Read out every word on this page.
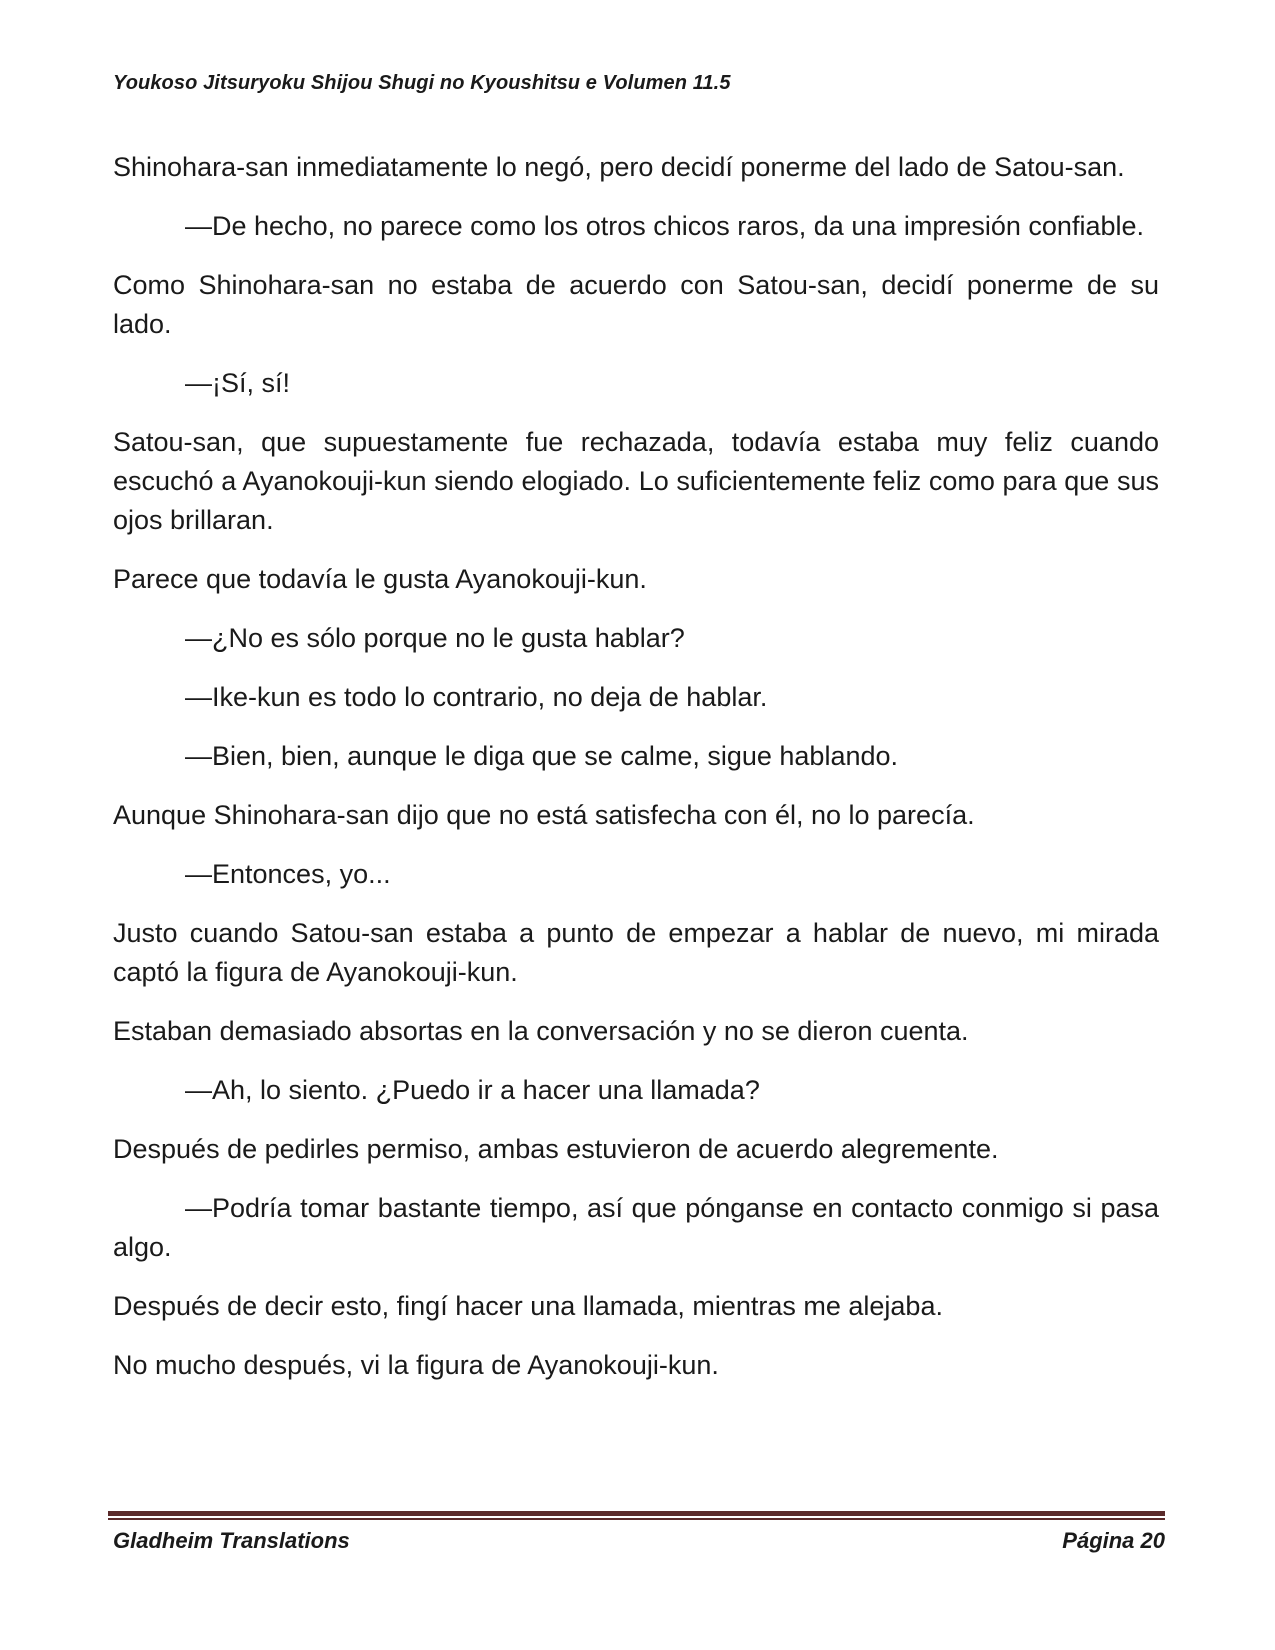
Youkoso Jitsuryoku Shijou Shugi no Kyoushitsu e Volumen 11.5

Shinohara-san inmediatamente lo negó, pero decidí ponerme del lado de Satou-san.

—De hecho, no parece como los otros chicos raros, da una impresión confiable.

Como Shinohara-san no estaba de acuerdo con Satou-san, decidí ponerme de su lado.

—¡Sí, sí!

Satou-san, que supuestamente fue rechazada, todavía estaba muy feliz cuando escuchó a Ayanokouji-kun siendo elogiado. Lo suficientemente feliz como para que sus ojos brillaran.

Parece que todavía le gusta Ayanokouji-kun.

—¿No es sólo porque no le gusta hablar?

—Ike-kun es todo lo contrario, no deja de hablar.

—Bien, bien, aunque le diga que se calme, sigue hablando.

Aunque Shinohara-san dijo que no está satisfecha con él, no lo parecía.

—Entonces, yo...

Justo cuando Satou-san estaba a punto de empezar a hablar de nuevo, mi mirada captó la figura de Ayanokouji-kun.

Estaban demasiado absortas en la conversación y no se dieron cuenta.

—Ah, lo siento. ¿Puedo ir a hacer una llamada?

Después de pedirles permiso, ambas estuvieron de acuerdo alegremente.

—Podría tomar bastante tiempo, así que pónganse en contacto conmigo si pasa algo.

Después de decir esto, fingí hacer una llamada, mientras me alejaba.

No mucho después, vi la figura de Ayanokouji-kun.

Gladheim Translations	Página 20
